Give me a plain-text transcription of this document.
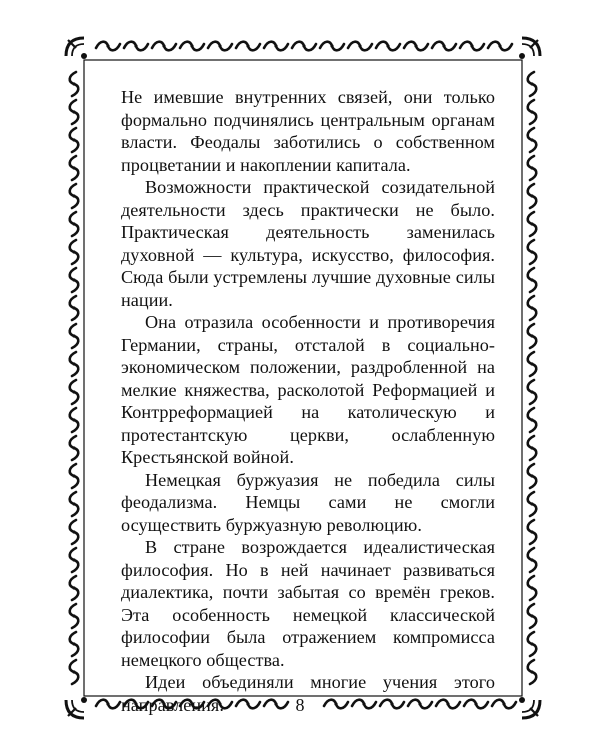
Не имевшие внутренних связей, они только формально подчинялись центральным органам власти. Феодалы заботились о собственном процветании и накоплении капитала.

Возможности практической созидательной деятельности здесь практически не было. Практическая деятельность заменилась духовной — культура, искусство, философия. Сюда были устремлены лучшие духовные силы нации.

Она отразила особенности и противоречия Германии, страны, отсталой в социально-экономическом положении, раздробленной на мелкие княжества, расколотой Реформацией и Контрреформацией на католическую и протестантскую церкви, ослабленную Крестьянской войной.

Немецкая буржуазия не победила силы феодализма. Немцы сами не смогли осуществить буржуазную революцию.

В стране возрождается идеалистическая философия. Но в ней начинает развиваться диалектика, почти забытая со времён греков. Эта особенность немецкой классической философии была отражением компромисса немецкого общества.

Идеи объединяли многие учения этого направления.	8
